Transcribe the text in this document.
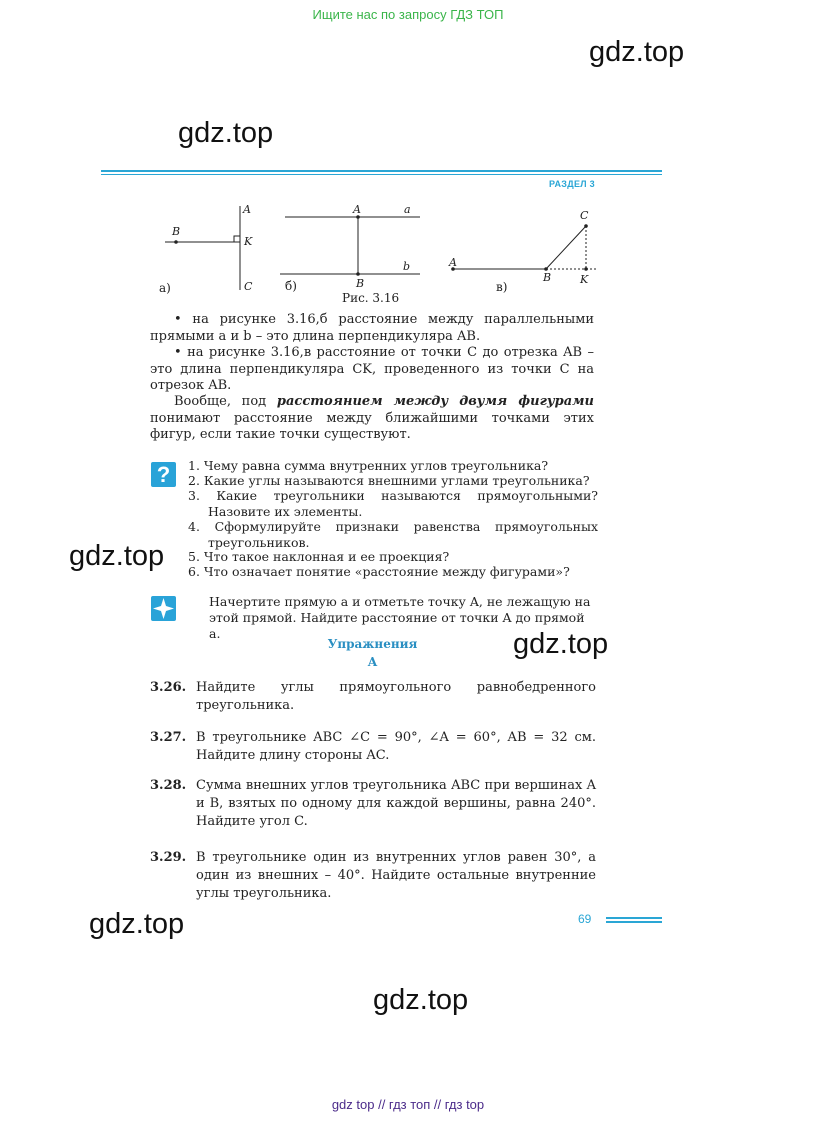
Ищите нас по запросу ГДЗ ТОП
gdz.top
gdz.top
gdz.top
gdz.top
gdz.top
gdz.top
РАЗДЕЛ 3
A
B
K
C
а)
A	a
b
B
б)
A
C
B	K
в)
Рис. 3.16
• на рисунке 3.16,б расстояние между параллельными прямыми a и b – это длина перпендикуляра AB.
• на рисунке 3.16,в расстояние от точки C до отрезка AB – это длина перпендикуляра CK, проведенного из точки C на отрезок AB.
Вообще, под расстоянием между двумя фигурами понимают расстояние между ближайшими точками этих фигур, если такие точки существуют.
?	1. Чему равна сумма внутренних углов треугольника?
2. Какие углы называются внешними углами треугольника?
3. Какие треугольники называются прямоугольными? Назовите их элементы.
4. Сформулируйте признаки равенства прямоугольных треугольников.
5. Что такое наклонная и ее проекция?
6. Что означает понятие «расстояние между фигурами»?
Начертите прямую a и отметьте точку A, не лежащую на этой прямой. Найдите расстояние от точки A до прямой a.
Упражнения
А
3.26. Найдите углы прямоугольного равнобедренного треугольника.
3.27. В треугольнике ABC ∠C = 90°, ∠A = 60°, AB = 32 см. Найдите длину стороны AC.
3.28. Сумма внешних углов треугольника ABC при вершинах A и B, взятых по одному для каждой вершины, равна 240°. Найдите угол C.
3.29. В треугольнике один из внутренних углов равен 30°, а один из внешних – 40°. Найдите остальные внутренние углы треугольника.
69
gdz top // гдз топ // гдз top
